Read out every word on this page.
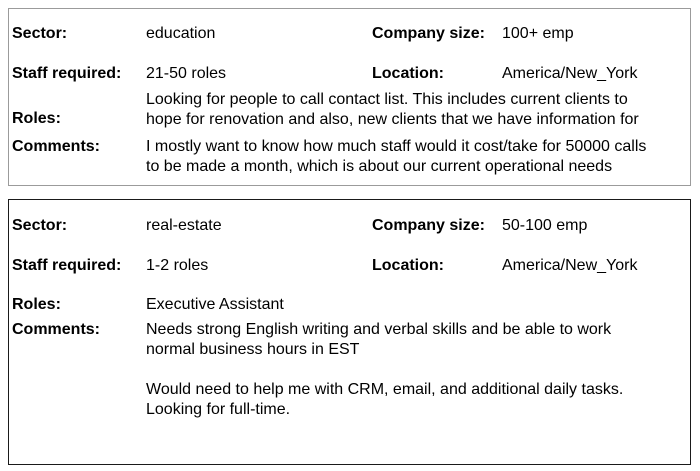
Sector:	education	Company size: 100+ emp
Staff required: 21-50 roles	Location:	America/New_York
Roles:
Looking for people to call contact list. This includes current clients to
hope for renovation and also, new clients that we have information for
Comments:	I mostly want to know how much staff would it cost/take for 50000 calls
to be made a month, which is about our current operational needs
Sector:	real-estate	Company size: 50-100 emp
Staff required: 1-2 roles	Location:	America/New_York
Roles:	Executive Assistant
Comments:	Needs strong English writing and verbal skills and be able to work
normal business hours in EST

Would need to help me with CRM, email, and additional daily tasks.
Looking for full-time.
